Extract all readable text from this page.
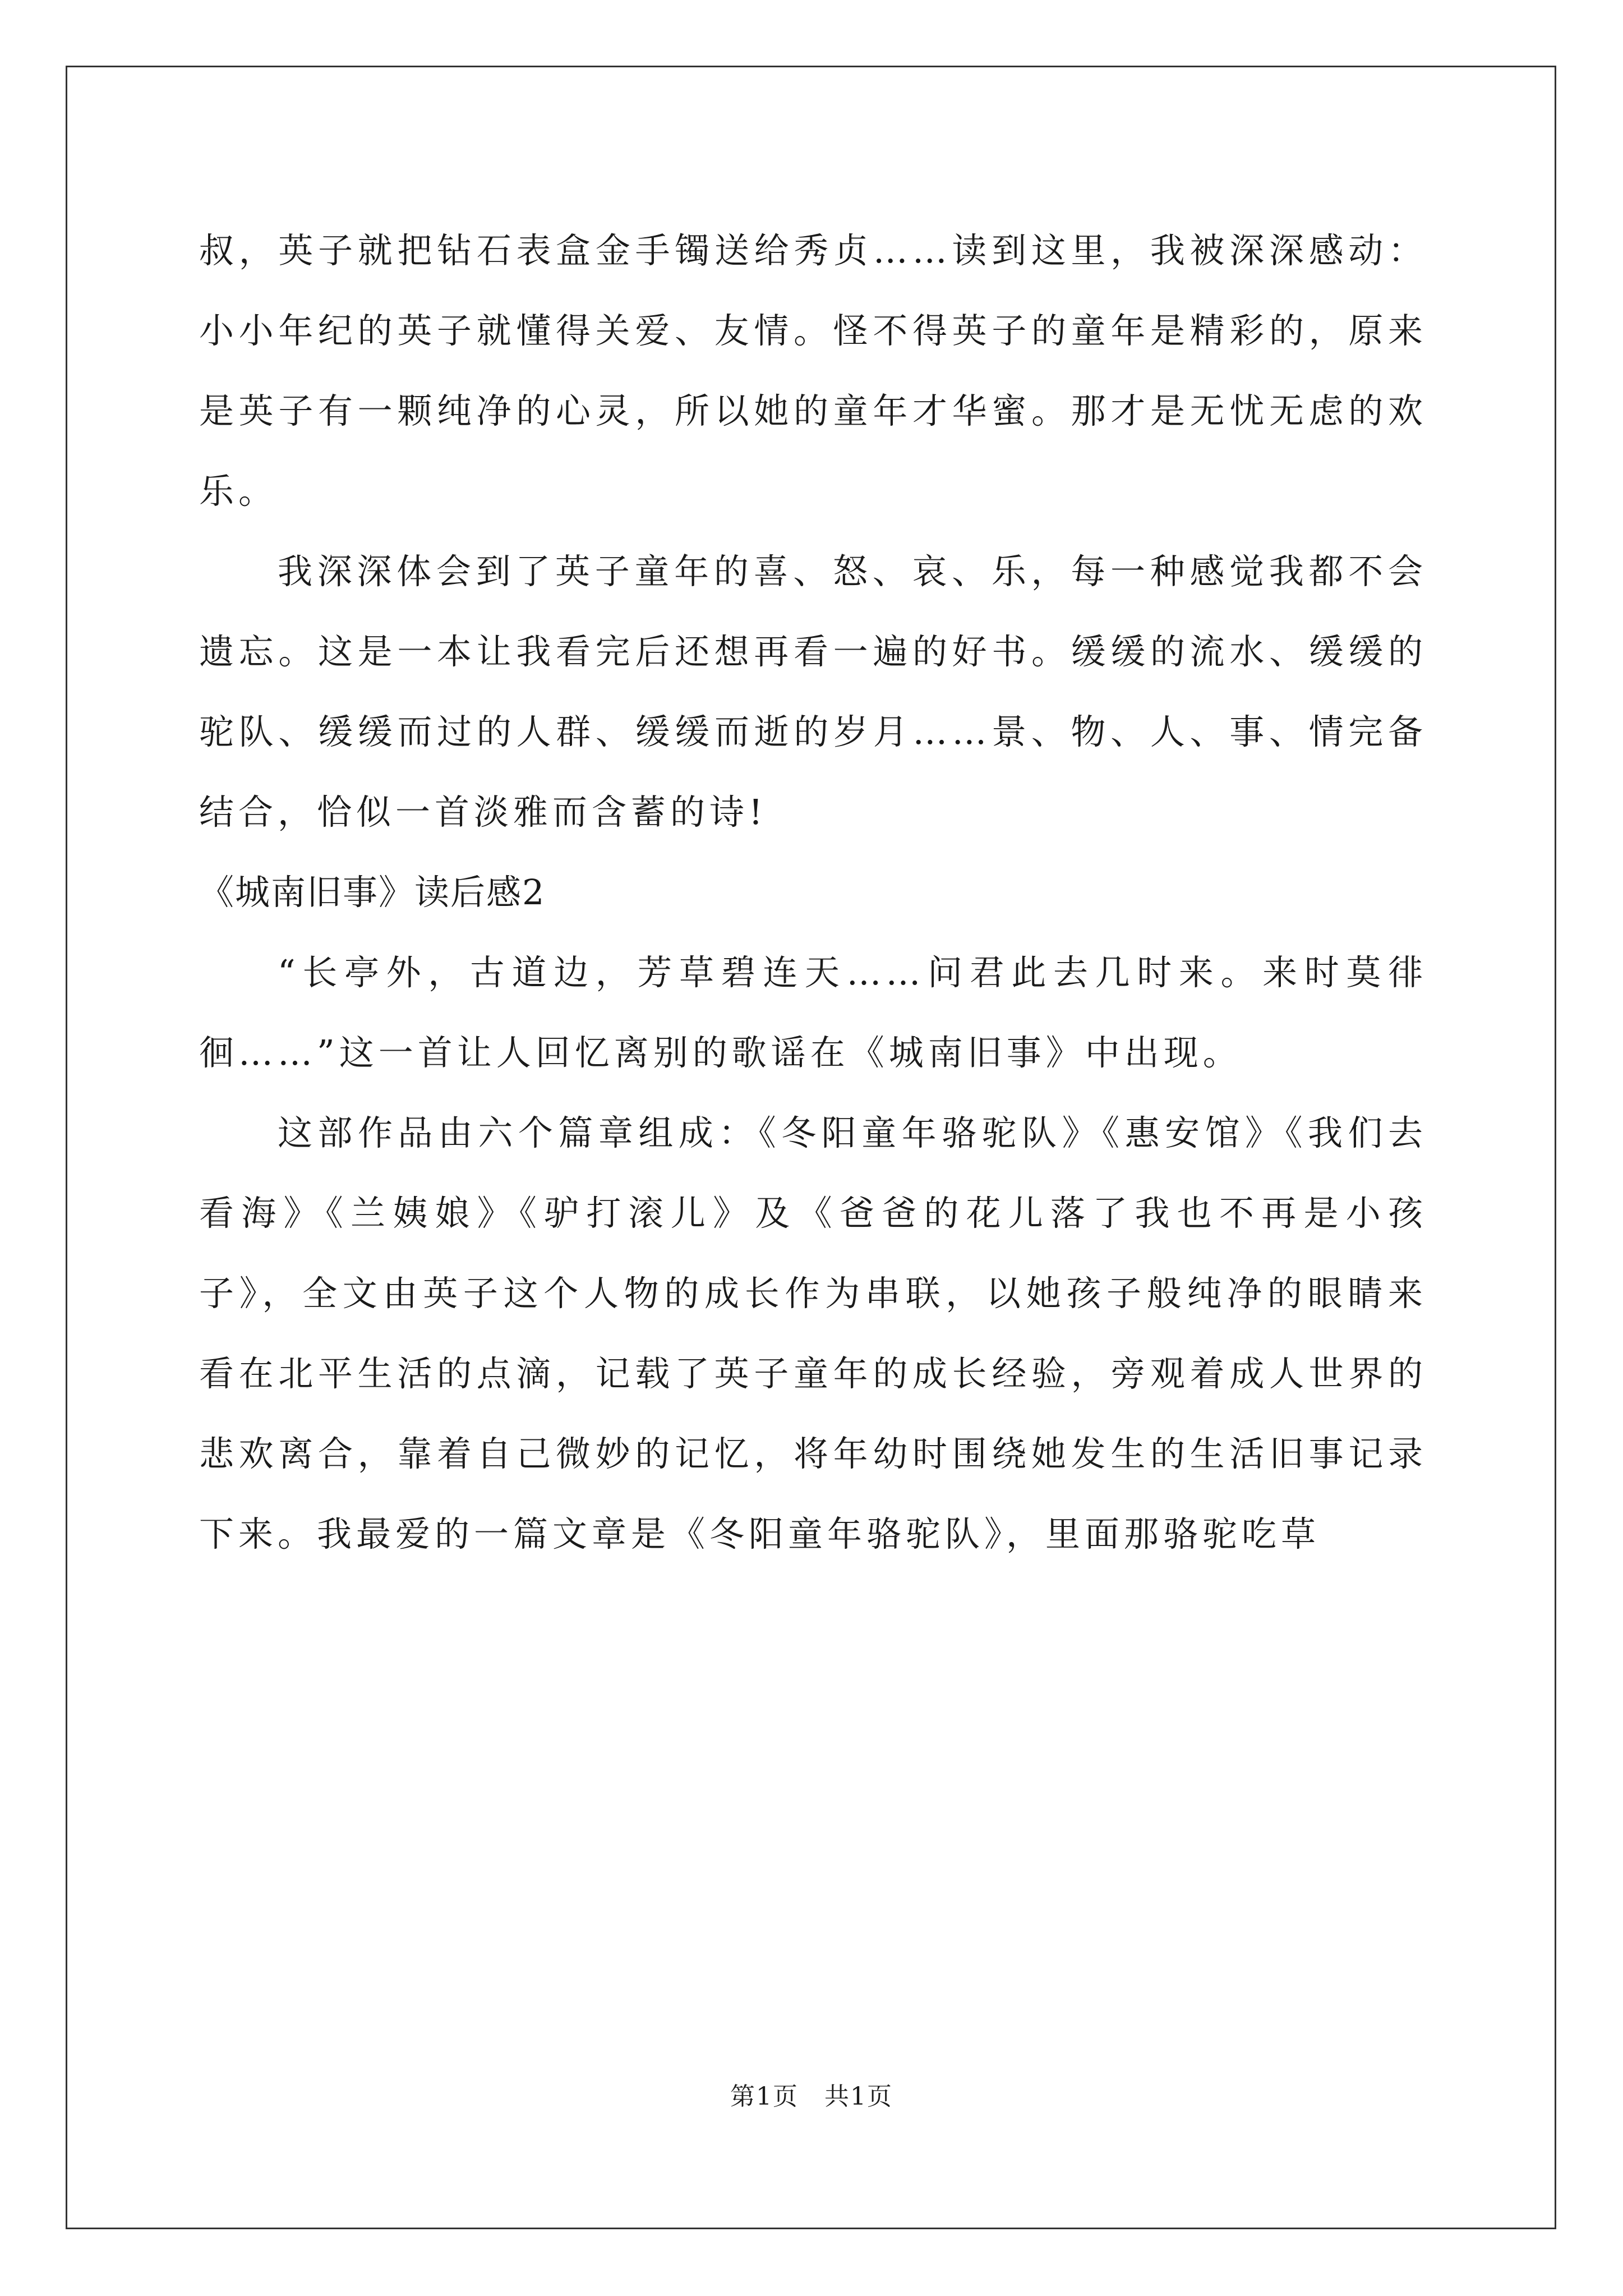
叔，英子就把钻石表盒金手镯送给秀贞……读到这里，我被深深感动：小小年纪的英子就懂得关爱、友情。怪不得英子的童年是精彩的，原来是英子有一颗纯净的心灵，所以她的童年才华蜜。那才是无忧无虑的欢乐。

我深深体会到了英子童年的喜、怒、哀、乐，每一种感觉我都不会遗忘。这是一本让我看完后还想再看一遍的好书。缓缓的流水、缓缓的驼队、缓缓而过的人群、缓缓而逝的岁月……景、物、人、事、情完备结合，恰似一首淡雅而含蓄的诗!

《城南旧事》读后感2

“长亭外，古道边，芳草碧连天……问君此去几时来。来时莫徘徊……”这一首让人回忆离别的歌谣在《城南旧事》中出现。

这部作品由六个篇章组成：《冬阳童年骆驼队》《惠安馆》《我们去看海》《兰姨娘》《驴打滚儿》及《爸爸的花儿落了我也不再是小孩子》，全文由英子这个人物的成长作为串联，以她孩子般纯净的眼睛来看在北平生活的点滴，记载了英子童年的成长经验，旁观着成人世界的悲欢离合，靠着自己微妙的记忆，将年幼时围绕她发生的生活旧事记录下来。我最爱的一篇文章是《冬阳童年骆驼队》，里面那骆驼吃草

第1页 共1页
